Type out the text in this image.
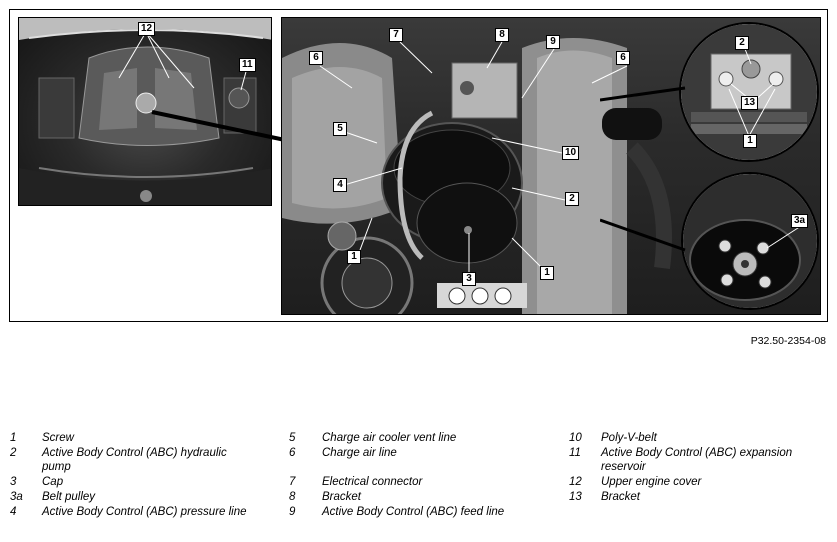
12
11
6
7	8
9
6
5
10
4
2
1
3
1
2
13
1
3a
P32.50-2354-08
1 Screw
2 Active Body Control (ABC) hydraulic pump
3 Cap
3a Belt pulley
4 Active Body Control (ABC) pressure line
5 Charge air cooler vent line
6 Charge air line
7 Electrical connector
8 Bracket
9 Active Body Control (ABC) feed line
10 Poly-V-belt
11 Active Body Control (ABC) expansion reservoir
12 Upper engine cover
13 Bracket
